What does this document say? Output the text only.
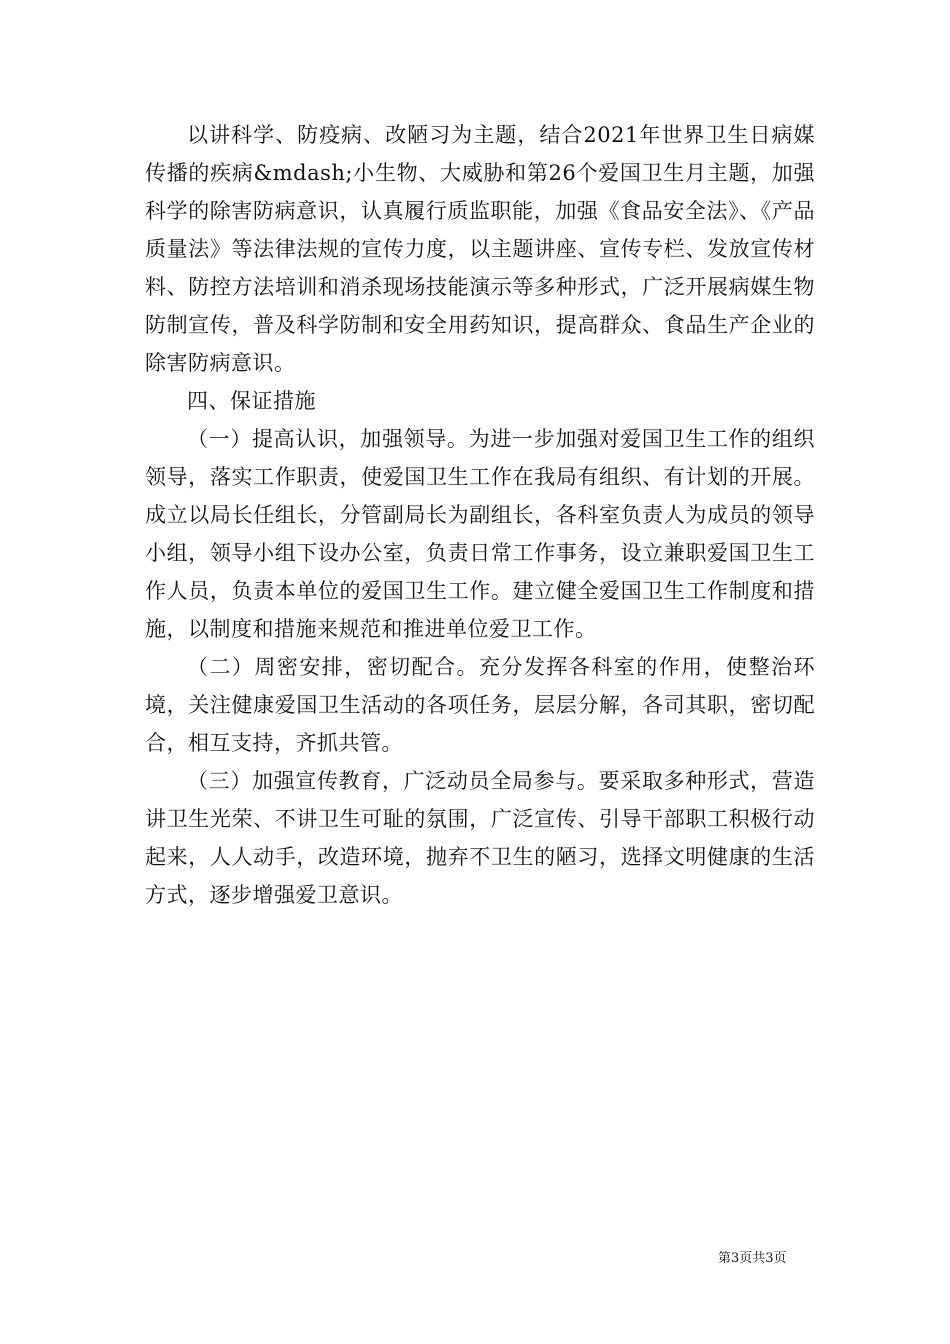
以讲科学、防疫病、改陋习为主题，结合2021年世界卫生日病媒传播的疾病&mdash;小生物、大威胁和第26个爱国卫生月主题，加强科学的除害防病意识，认真履行质监职能，加强《食品安全法》、《产品质量法》等法律法规的宣传力度，以主题讲座、宣传专栏、发放宣传材料、防控方法培训和消杀现场技能演示等多种形式，广泛开展病媒生物防制宣传，普及科学防制和安全用药知识，提高群众、食品生产企业的除害防病意识。

四、保证措施

（一）提高认识，加强领导。为进一步加强对爱国卫生工作的组织领导，落实工作职责，使爱国卫生工作在我局有组织、有计划的开展。成立以局长任组长，分管副局长为副组长，各科室负责人为成员的领导小组，领导小组下设办公室，负责日常工作事务，设立兼职爱国卫生工作人员，负责本单位的爱国卫生工作。建立健全爱国卫生工作制度和措施，以制度和措施来规范和推进单位爱卫工作。

（二）周密安排，密切配合。充分发挥各科室的作用，使整治环境，关注健康爱国卫生活动的各项任务，层层分解，各司其职，密切配合，相互支持，齐抓共管。

（三）加强宣传教育，广泛动员全局参与。要采取多种形式，营造讲卫生光荣、不讲卫生可耻的氛围，广泛宣传、引导干部职工积极行动起来，人人动手，改造环境，抛弃不卫生的陋习，选择文明健康的生活方式，逐步增强爱卫意识。

第3页共3页
